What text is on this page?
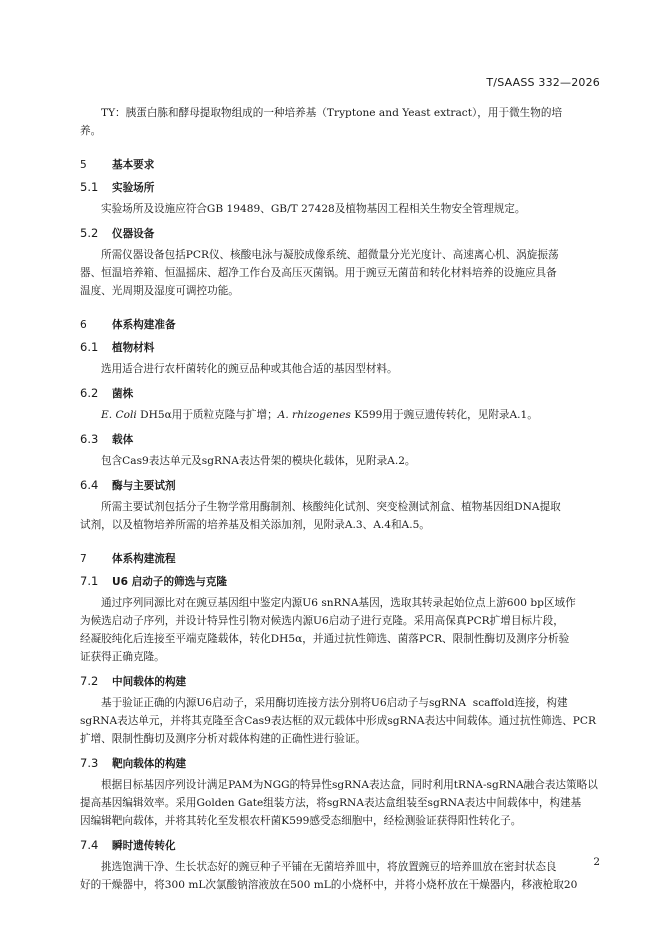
T/SAASS 332—2026

TY：胰蛋白胨和酵母提取物组成的一种培养基（Tryptone and Yeast extract），用于微生物的培

养。

5 基本要求
5.1 实验场所

实验场所及设施应符合GB 19489、GB/T 27428及植物基因工程相关生物安全管理规定。

5.2 仪器设备

所需仪器设备包括PCR仪、核酸电泳与凝胶成像系统、超微量分光光度计、高速离心机、涡旋振荡

器、恒温培养箱、恒温摇床、超净工作台及高压灭菌锅。用于豌豆无菌苗和转化材料培养的设施应具备

温度、光周期及湿度可调控功能。

6 体系构建准备
6.1 植物材料

选用适合进行农杆菌转化的豌豆品种或其他合适的基因型材料。

6.2 菌株

E. Coli DH5α用于质粒克隆与扩增；A. rhizogenes K599用于豌豆遗传转化，见附录A.1。

6.3 载体

包含Cas9表达单元及sgRNA表达骨架的模块化载体，见附录A.2。

6.4 酶与主要试剂

所需主要试剂包括分子生物学常用酶制剂、核酸纯化试剂、突变检测试剂盒、植物基因组DNA提取

试剂，以及植物培养所需的培养基及相关添加剂，见附录A.3、A.4和A.5。

7 体系构建流程
7.1 U6 启动子的筛选与克隆

通过序列同源比对在豌豆基因组中鉴定内源U6 snRNA基因，选取其转录起始位点上游600 bp区域作

为候选启动子序列，并设计特异性引物对候选内源U6启动子进行克隆。采用高保真PCR扩增目标片段，

经凝胶纯化后连接至平端克隆载体，转化DH5α，并通过抗性筛选、菌落PCR、限制性酶切及测序分析验

证获得正确克隆。

7.2 中间载体的构建

基于验证正确的内源U6启动子，采用酶切连接方法分别将U6启动子与sgRNA  scaffold连接，构建

sgRNA表达单元，并将其克隆至含Cas9表达框的双元载体中形成sgRNA表达中间载体。通过抗性筛选、PCR

扩增、限制性酶切及测序分析对载体构建的正确性进行验证。

7.3 靶向载体的构建

根据目标基因序列设计满足PAM为NGG的特异性sgRNA表达盒，同时利用tRNA-sgRNA融合表达策略以

提高基因编辑效率。采用Golden Gate组装方法，将sgRNA表达盒组装至sgRNA表达中间载体中，构建基

因编辑靶向载体，并将其转化至发根农杆菌K599感受态细胞中，经检测验证获得阳性转化子。

7.4 瞬时遗传转化

挑选饱满干净、生长状态好的豌豆种子平铺在无菌培养皿中，将放置豌豆的培养皿放在密封状态良

好的干燥器中，将300 mL次氯酸钠溶液放在500 mL的小烧杯中，并将小烧杯放在干燥器内，移液枪取20

2
